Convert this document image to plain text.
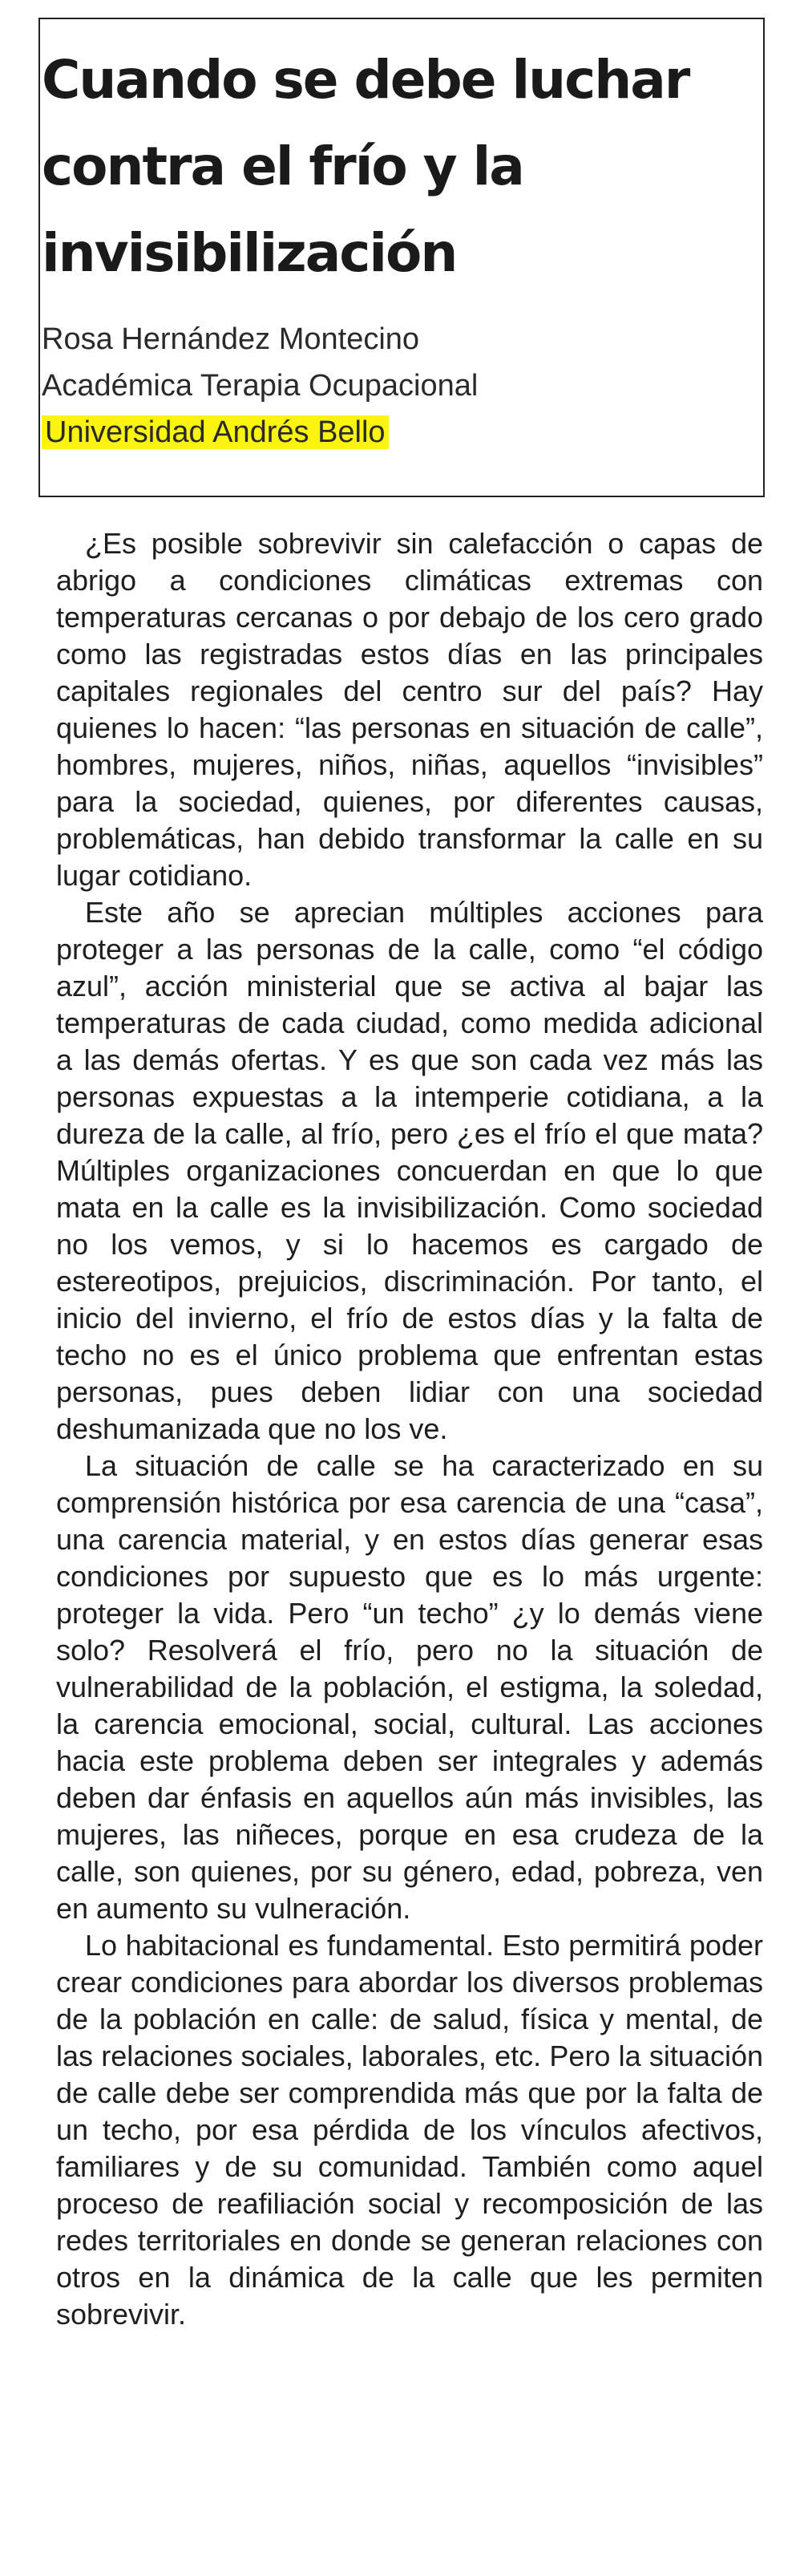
Cuando se debe luchar contra el frío y la invisibilización
Rosa Hernández Montecino
Académica Terapia Ocupacional
Universidad Andrés Bello

¿Es posible sobrevivir sin calefacción o capas de abrigo a condiciones climáticas extremas con temperaturas cercanas o por debajo de los cero grado como las registradas estos días en las principales capitales regionales del centro sur del país? Hay quienes lo hacen: “las personas en situación de calle”, hombres, mujeres, niños, niñas, aquellos “invisibles” para la sociedad, quienes, por diferentes causas, problemáticas, han debido transformar la calle en su lugar cotidiano.

Este año se aprecian múltiples acciones para proteger a las personas de la calle, como “el código azul”, acción ministerial que se activa al bajar las temperaturas de cada ciudad, como medida adicional a las demás ofertas. Y es que son cada vez más las personas expuestas a la intemperie cotidiana, a la dureza de la calle, al frío, pero ¿es el frío el que mata? Múltiples organizaciones concuerdan en que lo que mata en la calle es la invisibilización. Como sociedad no los vemos, y si lo hacemos es cargado de estereotipos, prejuicios, discriminación. Por tanto, el inicio del invierno, el frío de estos días y la falta de techo no es el único problema que enfrentan estas personas, pues deben lidiar con una sociedad deshumanizada que no los ve.

La situación de calle se ha caracterizado en su comprensión histórica por esa carencia de una “casa”, una carencia material, y en estos días generar esas condiciones por supuesto que es lo más urgente: proteger la vida. Pero “un techo” ¿y lo demás viene solo? Resolverá el frío, pero no la situación de vulnerabilidad de la población, el estigma, la soledad, la carencia emocional, social, cultural. Las acciones hacia este problema deben ser integrales y además deben dar énfasis en aquellos aún más invisibles, las mujeres, las niñeces, porque en esa crudeza de la calle, son quienes, por su género, edad, pobreza, ven en aumento su vulneración.

Lo habitacional es fundamental. Esto permitirá poder crear condiciones para abordar los diversos problemas de la población en calle: de salud, física y mental, de las relaciones sociales, laborales, etc. Pero la situación de calle debe ser comprendida más que por la falta de un techo, por esa pérdida de los vínculos afectivos, familiares y de su comunidad. También como aquel proceso de reafiliación social y recomposición de las redes territoriales en donde se generan relaciones con otros en la dinámica de la calle que les permiten sobrevivir.
